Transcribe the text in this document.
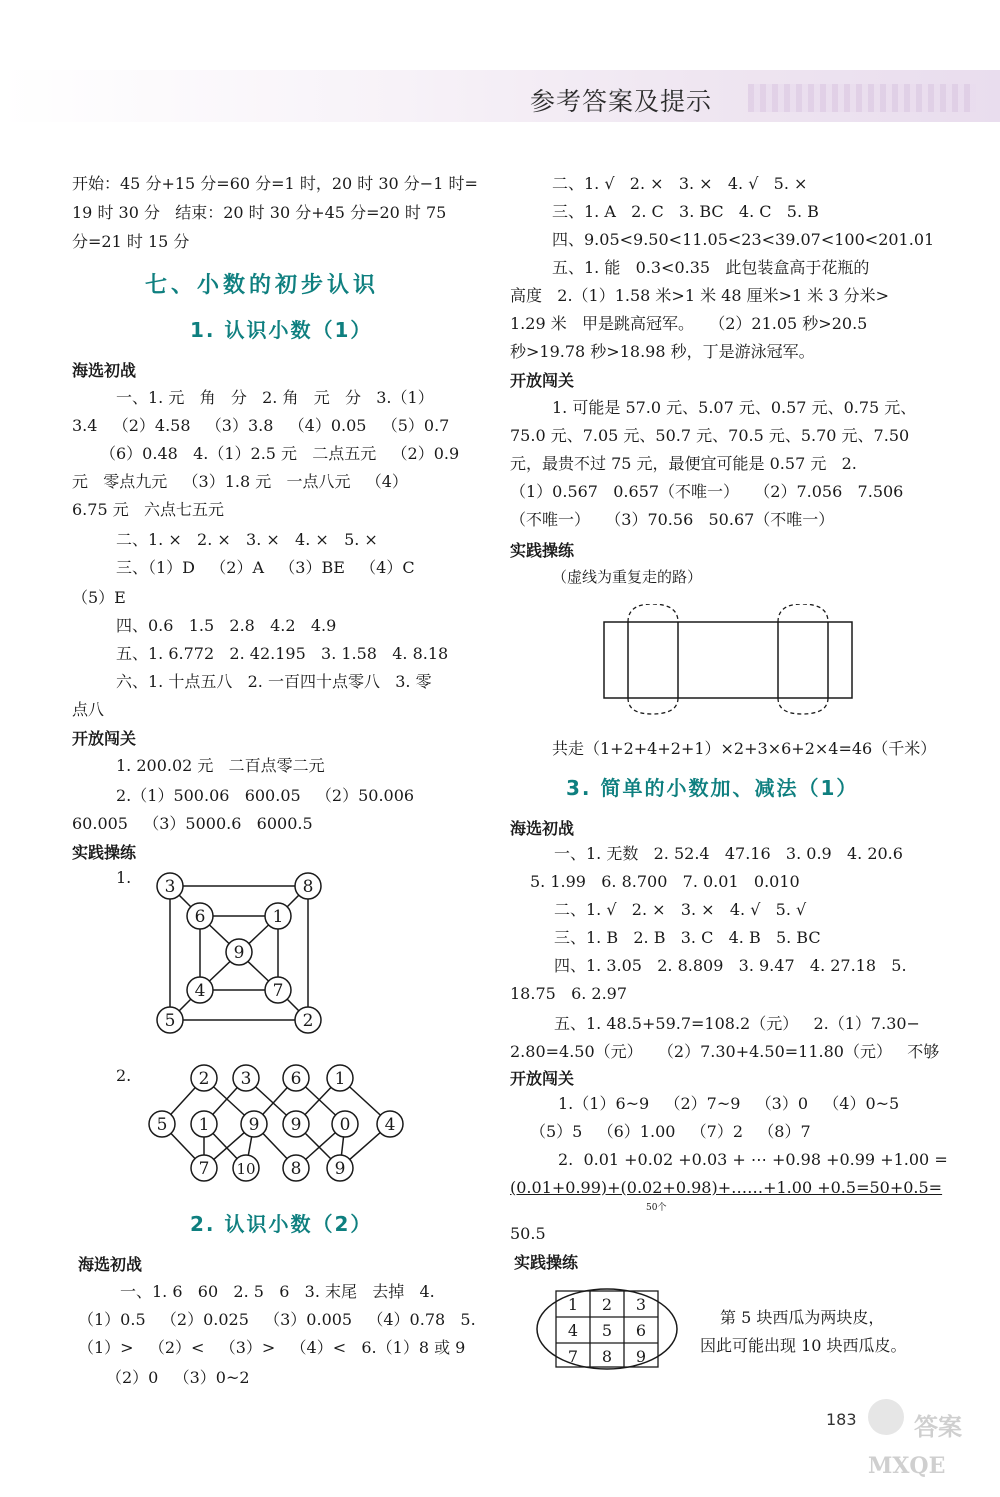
参考答案及提示
开始：45 分+15 分=60 分=1 时，20 时 30 分−1 时=
19 时 30 分   结束：20 时 30 分+45 分=20 时 75
分=21 时 15 分
七、小数的初步认识
1. 认识小数（1）
海选初战
一、1. 元   角   分   2. 角   元   分   3.（1）
3.4   （2）4.58   （3）3.8   （4）0.05   （5）0.7
（6）0.48   4.（1）2.5 元   二点五元   （2）0.9
元   零点九元   （3）1.8 元   一点八元   （4）
6.75 元   六点七五元
二、1. ×   2. ×   3. ×   4. ×   5. ×
三、（1）D   （2）A   （3）BE   （4）C
（5）E
四、0.6   1.5   2.8   4.2   4.9
五、1. 6.772   2. 42.195   3. 1.58   4. 8.18
六、1. 十点五八   2. 一百四十点零八   3. 零
点八
开放闯关
1. 200.02 元   二百点零二元
2.（1）500.06   600.05   （2）50.006
60.005   （3）5000.6   6000.5
实践操练
1. 3	8
6	1
9
4	7
5	2
2.	2 3 6 1
5 1 9 9 0 4
7 10 8 9
2. 认识小数（2）
海选初战
一、1. 6   60   2. 5   6   3. 末尾   去掉   4.
（1）0.5   （2）0.025   （3）0.005   （4）0.78   5.
（1）>   （2）<   （3）>   （4）<   6.（1）8 或 9
（2）0   （3）0~2
二、1. √   2. ×   3. ×   4. √   5. ×
三、1. A   2. C   3. BC   4. C   5. B
四、9.05<9.50<11.05<23<39.07<100<201.01
五、1. 能   0.3<0.35   此包装盒高于花瓶的
高度   2.（1）1.58 米>1 米 48 厘米>1 米 3 分米>
1.29 米   甲是跳高冠军。   （2）21.05 秒>20.5
秒>19.78 秒>18.98 秒，丁是游泳冠军。
开放闯关
1. 可能是 57.0 元、5.07 元、0.57 元、0.75 元、
75.0 元、7.05 元、50.7 元、70.5 元、5.70 元、7.50
元，最贵不过 75 元，最便宜可能是 0.57 元   2.
（1）0.567   0.657（不唯一）   （2）7.056   7.506
（不唯一）   （3）70.56   50.67（不唯一）
实践操练
（虚线为重复走的路）
共走（1+2+4+2+1）×2+3×6+2×4=46（千米）
3. 简单的小数加、减法（1）
海选初战
一、1. 无数   2. 52.4   47.16   3. 0.9   4. 20.6
5. 1.99   6. 8.700   7. 0.01   0.010
二、1. √   2. ×   3. ×   4. √   5. √
三、1. B   2. B   3. C   4. B   5. BC
四、1. 3.05   2. 8.809   3. 9.47   4. 27.18   5.
18.75   6. 2.97
五、1. 48.5+59.7=108.2（元）   2.（1）7.30−
2.80=4.50（元）   （2）7.30+4.50=11.80（元）   不够
开放闯关
1.（1）6~9   （2）7~9   （3）0   （4）0~5
（5）5   （6）1.00   （7）2   （8）7
2.  0.01 +0.02 +0.03 + ⋯ +0.98 +0.99 +1.00 =
(0.01+0.99)+(0.02+0.98)+……+1.00 +0.5=50+0.5=
50.5
50个
实践操练
1 2 3
4 5 6
7 8 9
第 5 块西瓜为两块皮，
因此可能出现 10 块西瓜皮。
183 答案
MXQE
